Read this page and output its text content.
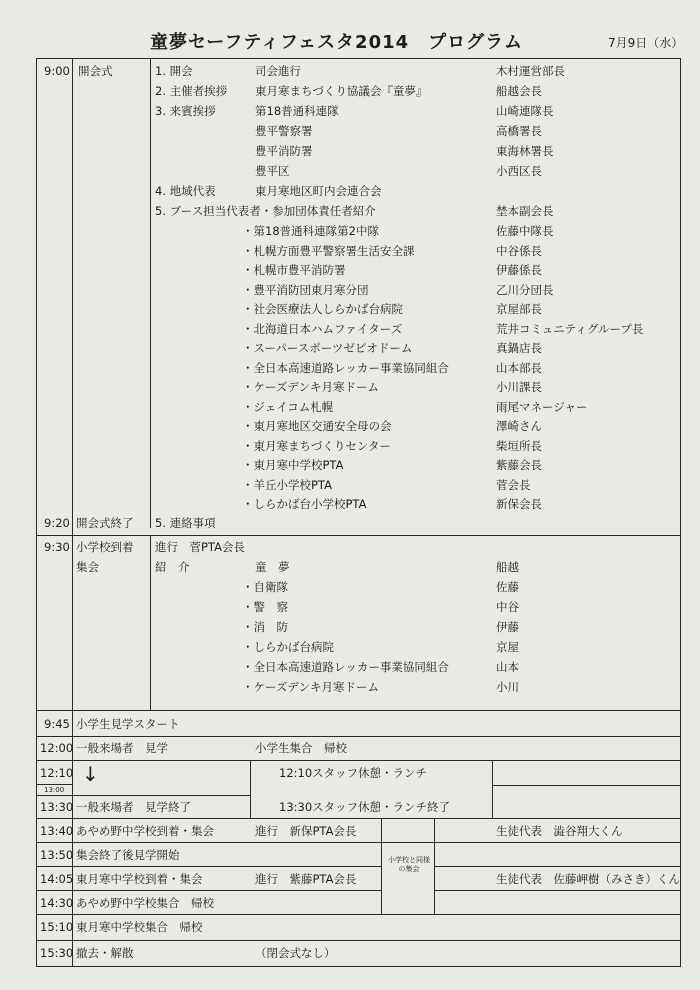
童夢セーフティフェスタ2014　プログラム	7月9日（水）
9:00 開会式	1. 開会	司会進行	木村運営部長
2. 主催者挨拶 東月寒まちづくり協議会『童夢』	船越会長
3. 来賓挨拶	第18普通科連隊	山崎連隊長
豊平警察署	高橋署長
豊平消防署	東海林署長
豊平区	小西区長
4. 地域代表	東月寒地区町内会連合会
5. ブース担当代表者・参加団体責任者紹介	埜本副会長
・第18普通科連隊第2中隊	佐藤中隊長
・札幌方面豊平警察署生活安全課	中谷係長
・札幌市豊平消防署	伊藤係長
・豊平消防団東月寒分団	乙川分団長
・社会医療法人しらかば台病院	京屋部長
・北海道日本ハムファイターズ	荒井コミュニティグループ長
・スーパースポーツゼビオドーム	真鍋店長
・全日本高速道路レッカー事業協同組合	山本部長
・ケーズデンキ月寒ドーム	小川課長
・ジェイコム札幌	雨尾マネージャー
・東月寒地区交通安全母の会	澤崎さん
・東月寒まちづくりセンター	柴垣所長
・東月寒中学校PTA	紫藤会長
・羊丘小学校PTA	菅会長
・しらかば台小学校PTA	新保会長
9:20 開会式終了 5. 連絡事項
9:30 小学校到着
集会
進行　菅PTA会長
紹　介	童　夢	船越
・自衛隊	佐藤
・警　察	中谷
・消　防	伊藤
・しらかば台病院	京屋
・全日本高速道路レッカー事業協同組合	山本
・ケーズデンキ月寒ドーム	小川
9:45 小学生見学スタート
12:00 一般来場者　見学	小学生集合　帰校
12:10 ↓	12:10 スタッフ休憩・ランチ
13:00
13:30 一般来場者　見学終了	13:30 スタッフ休憩・ランチ終了
13:40 あやめ野中学校到着・集会	進行　新保PTA会長	生徒代表　澁谷翔大くん
13:50 集会終了後見学開始	小学校と同様の集会
14:05 東月寒中学校到着・集会	進行　紫藤PTA会長	生徒代表　佐藤岬樹（みさき）くん
14:30 あやめ野中学校集合　帰校
15:10 東月寒中学校集合　帰校
15:30 撤去・解散	（閉会式なし）
